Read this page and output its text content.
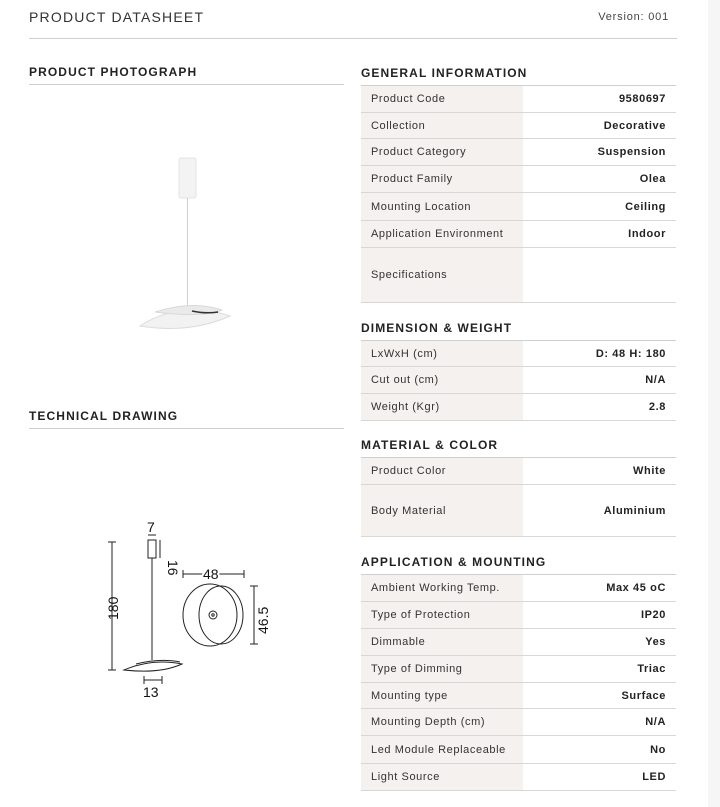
PRODUCT DATASHEET	Version: 001
PRODUCT PHOTOGRAPH
TECHNICAL DRAWING
7
16
180
13
48
46.5
GENERAL INFORMATION
Product Code	9580697
Collection	Decorative
Product Category	Suspension
Product Family	Olea
Mounting Location	Ceiling
Application Environment	Indoor
Specifications
DIMENSION & WEIGHT
LxWxH (cm)	D: 48 H: 180
Cut out (cm)	N/A
Weight (Kgr)	2.8
MATERIAL & COLOR
Product Color	White
Body Material	Aluminium
APPLICATION & MOUNTING
Ambient Working Temp.	Max 45 oC
Type of Protection	IP20
Dimmable	Yes
Type of Dimming	Triac
Mounting type	Surface
Mounting Depth (cm)	N/A
Led Module Replaceable	No
Light Source	LED
